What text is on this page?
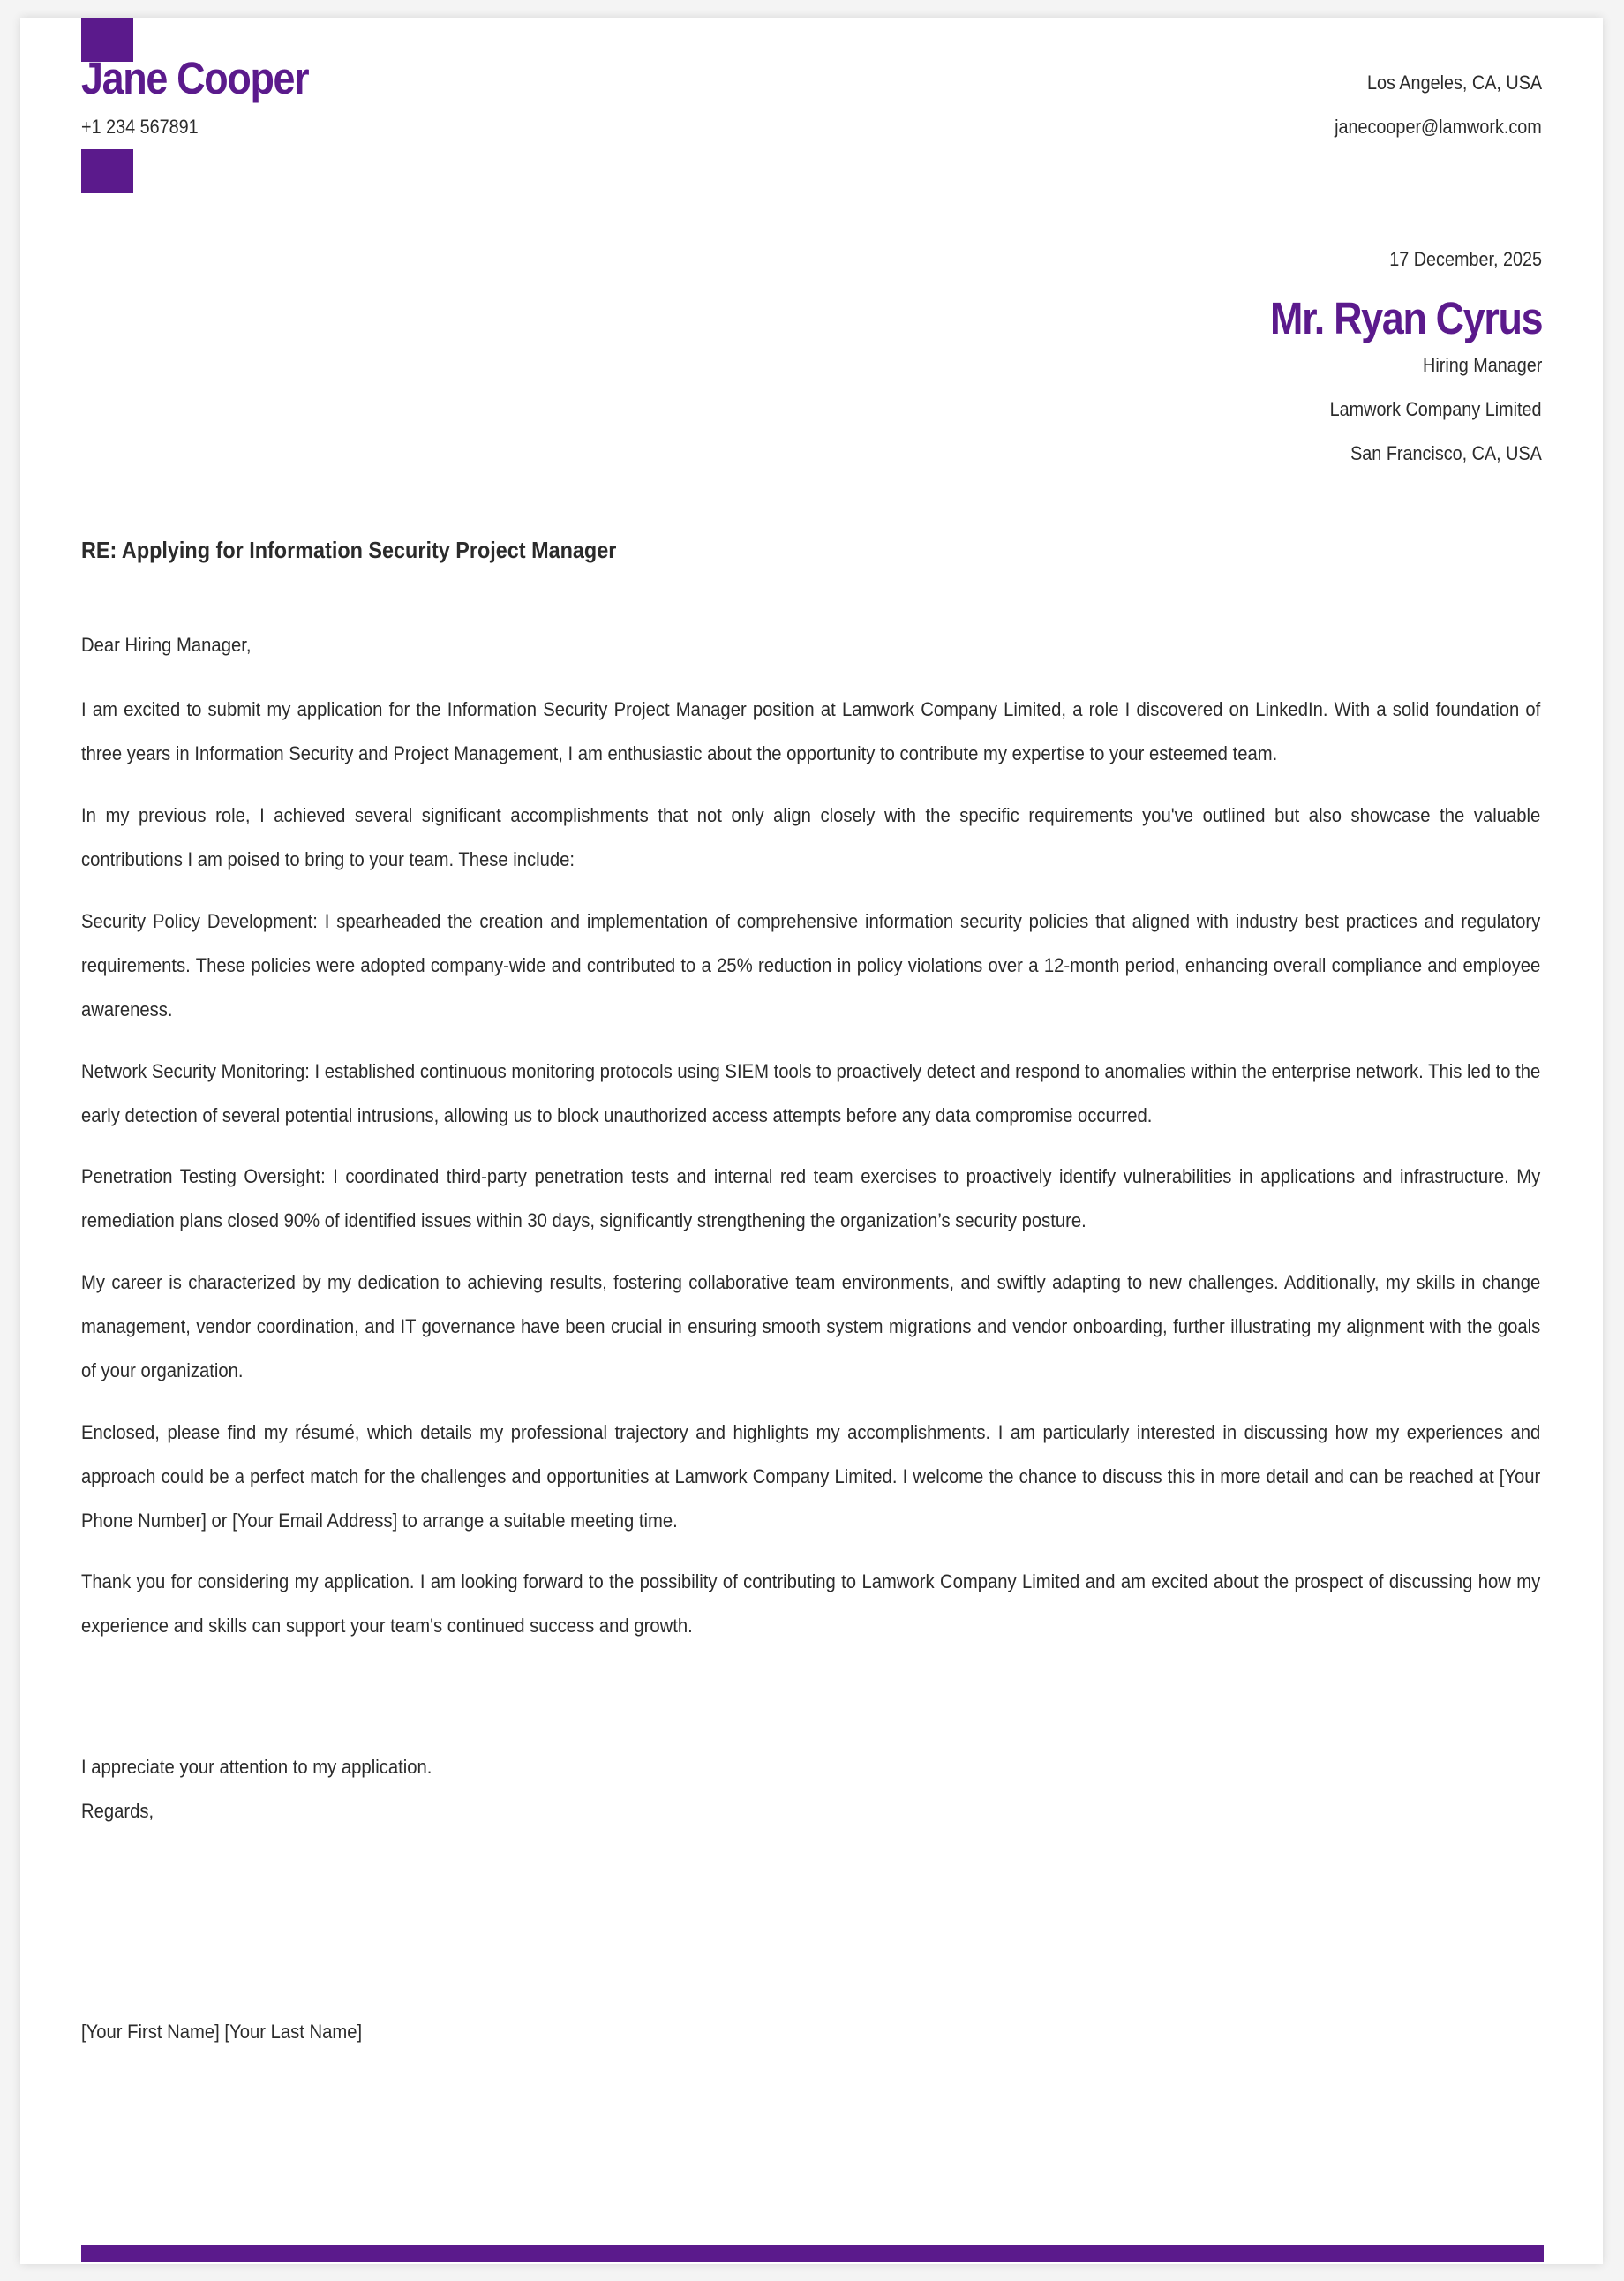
Jane Cooper
+1 234 567891
Los Angeles, CA, USA
janecooper@lamwork.com
17 December, 2025
Mr. Ryan Cyrus
Hiring Manager
Lamwork Company Limited
San Francisco, CA, USA
RE: Applying for Information Security Project Manager
Dear Hiring Manager,

I am excited to submit my application for the Information Security Project Manager position at Lamwork Company Limited, a role I discovered on LinkedIn. With a solid foundation of three years in Information Security and Project Management, I am enthusiastic about the opportunity to contribute my expertise to your esteemed team.

In my previous role, I achieved several significant accomplishments that not only align closely with the specific requirements you've outlined but also showcase the valuable contributions I am poised to bring to your team. These include:

Security Policy Development: I spearheaded the creation and implementation of comprehensive information security policies that aligned with industry best practices and regulatory requirements. These policies were adopted company-wide and contributed to a 25% reduction in policy violations over a 12-month period, enhancing overall compliance and employee awareness.

Network Security Monitoring: I established continuous monitoring protocols using SIEM tools to proactively detect and respond to anomalies within the enterprise network. This led to the early detection of several potential intrusions, allowing us to block unauthorized access attempts before any data compromise occurred.

Penetration Testing Oversight: I coordinated third-party penetration tests and internal red team exercises to proactively identify vulnerabilities in applications and infrastructure. My remediation plans closed 90% of identified issues within 30 days, significantly strengthening the organization’s security posture.

My career is characterized by my dedication to achieving results, fostering collaborative team environments, and swiftly adapting to new challenges. Additionally, my skills in change management, vendor coordination, and IT governance have been crucial in ensuring smooth system migrations and vendor onboarding, further illustrating my alignment with the goals of your organization.

Enclosed, please find my résumé, which details my professional trajectory and highlights my accomplishments. I am particularly interested in discussing how my experiences and approach could be a perfect match for the challenges and opportunities at Lamwork Company Limited. I welcome the chance to discuss this in more detail and can be reached at [Your Phone Number] or [Your Email Address] to arrange a suitable meeting time.

Thank you for considering my application. I am looking forward to the possibility of contributing to Lamwork Company Limited and am excited about the prospect of discussing how my experience and skills can support your team's continued success and growth.

I appreciate your attention to my application.
Regards,
[Your First Name] [Your Last Name]
